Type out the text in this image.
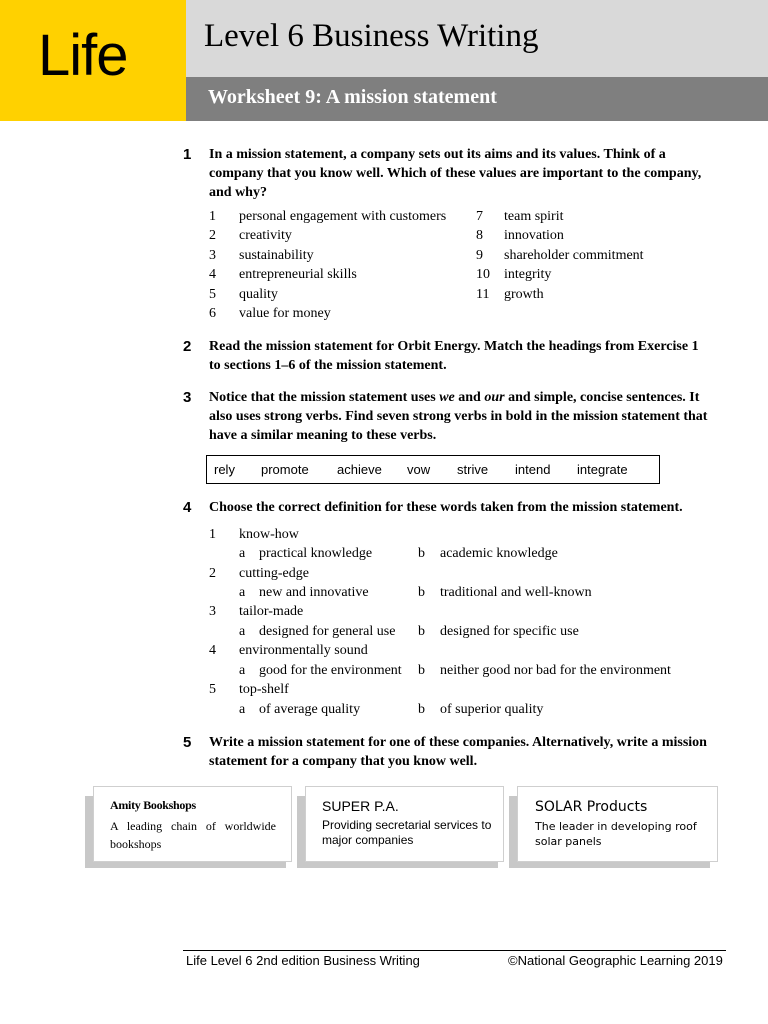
Life Level 6 Business Writing
Worksheet 9: A mission statement
1 In a mission statement, a company sets out its aims and its values. Think of a company that you know well. Which of these values are important to the company, and why?
1 personal engagement with customers
2 creativity
3 sustainability
4 entrepreneurial skills
5 quality
6 value for money
7 team spirit
8 innovation
9 shareholder commitment
10 integrity
11 growth
2 Read the mission statement for Orbit Energy. Match the headings from Exercise 1 to sections 1–6 of the mission statement.
3 Notice that the mission statement uses we and our and simple, concise sentences. It also uses strong verbs. Find seven strong verbs in bold in the mission statement that have a similar meaning to these verbs.
rely promote achieve vow strive intend integrate
4 Choose the correct definition for these words taken from the mission statement.
1 know-how
a practical knowledge	b academic knowledge
2 cutting-edge
a new and innovative	b traditional and well-known
3 tailor-made
a designed for general use b designed for specific use
4 environmentally sound
a good for the environment b neither good nor bad for the environment
5 top-shelf
a of average quality	b of superior quality
5 Write a mission statement for one of these companies. Alternatively, write a mission statement for a company that you know well.
Amity Bookshops
A leading chain of worldwide bookshops
SUPER P.A.
Providing secretarial services to major companies
SOLAR Products
The leader in developing roof solar panels
Life Level 6 2nd edition Business Writing	©National Geographic Learning 2019
